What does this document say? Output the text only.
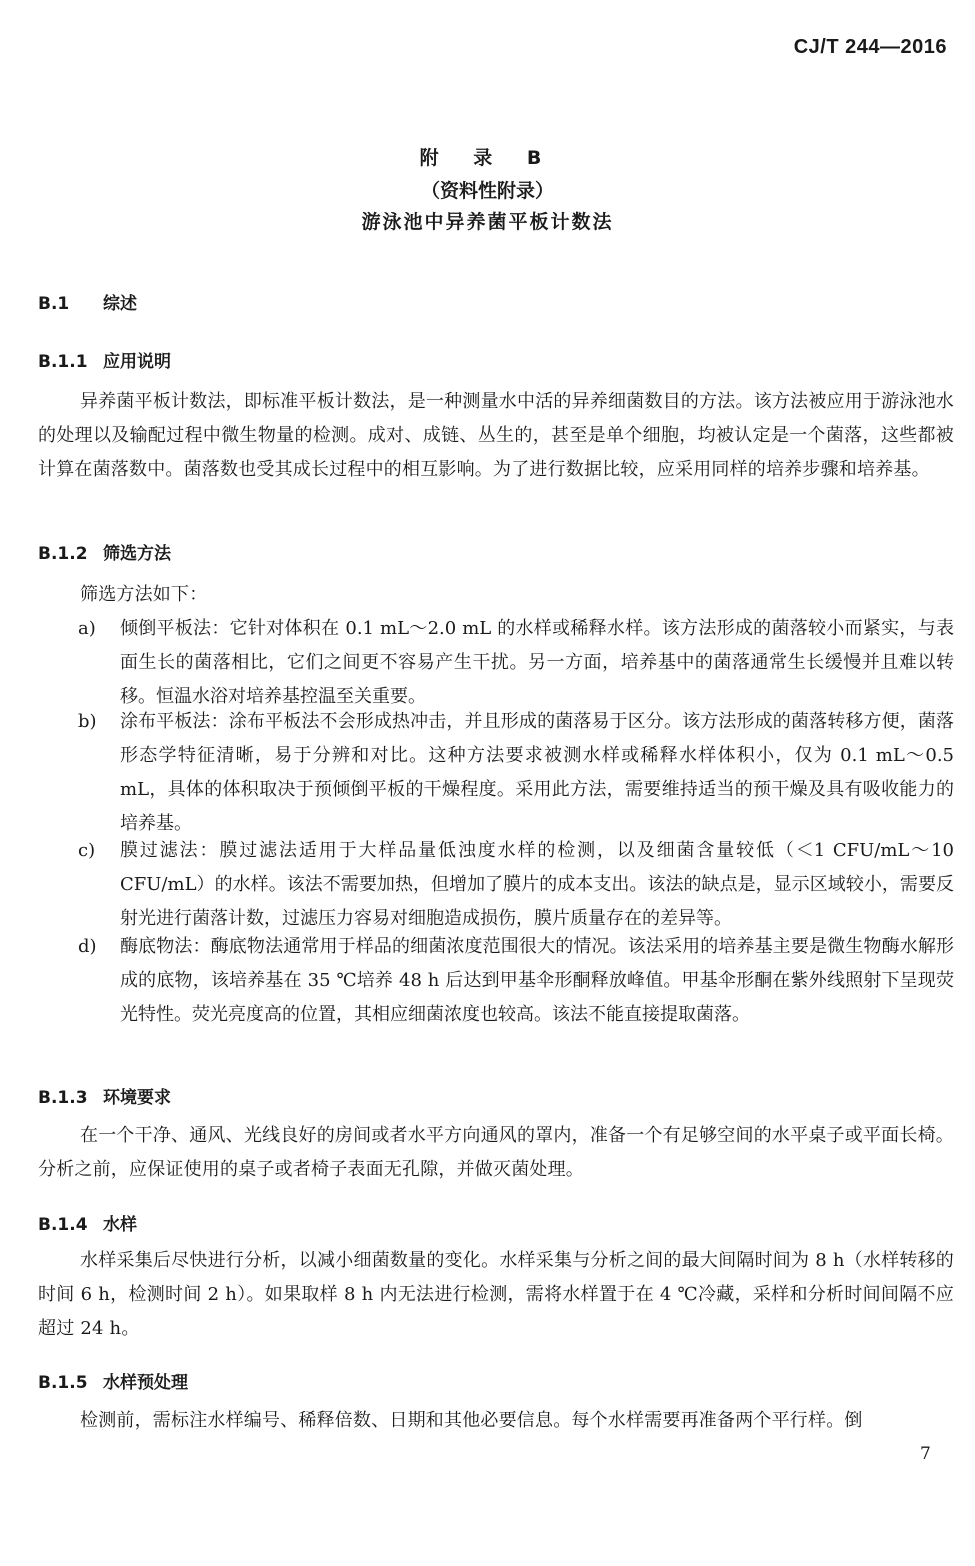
CJ/T 244—2016
附 录 B
（资料性附录）
游泳池中异养菌平板计数法
B.1 综述
B.1.1 应用说明
异养菌平板计数法，即标准平板计数法，是一种测量水中活的异养细菌数目的方法。该方法被应用于游泳池水的处理以及输配过程中微生物量的检测。成对、成链、丛生的，甚至是单个细胞，均被认定是一个菌落，这些都被计算在菌落数中。菌落数也受其成长过程中的相互影响。为了进行数据比较，应采用同样的培养步骤和培养基。
B.1.2 筛选方法
筛选方法如下：
a) 倾倒平板法：它针对体积在 0.1 mL～2.0 mL 的水样或稀释水样。该方法形成的菌落较小而紧实，与表面生长的菌落相比，它们之间更不容易产生干扰。另一方面，培养基中的菌落通常生长缓慢并且难以转移。恒温水浴对培养基控温至关重要。
b) 涂布平板法：涂布平板法不会形成热冲击，并且形成的菌落易于区分。该方法形成的菌落转移方便，菌落形态学特征清晰，易于分辨和对比。这种方法要求被测水样或稀释水样体积小，仅为 0.1 mL～0.5 mL，具体的体积取决于预倾倒平板的干燥程度。采用此方法，需要维持适当的预干燥及具有吸收能力的培养基。
c) 膜过滤法：膜过滤法适用于大样品量低浊度水样的检测，以及细菌含量较低（＜1 CFU/mL～10 CFU/mL）的水样。该法不需要加热，但增加了膜片的成本支出。该法的缺点是，显示区域较小，需要反射光进行菌落计数，过滤压力容易对细胞造成损伤，膜片质量存在的差异等。
d) 酶底物法：酶底物法通常用于样品的细菌浓度范围很大的情况。该法采用的培养基主要是微生物酶水解形成的底物，该培养基在 35 ℃培养 48 h 后达到甲基伞形酮释放峰值。甲基伞形酮在紫外线照射下呈现荧光特性。荧光亮度高的位置，其相应细菌浓度也较高。该法不能直接提取菌落。
B.1.3 环境要求
在一个干净、通风、光线良好的房间或者水平方向通风的罩内，准备一个有足够空间的水平桌子或平面长椅。分析之前，应保证使用的桌子或者椅子表面无孔隙，并做灭菌处理。
B.1.4 水样
水样采集后尽快进行分析，以减小细菌数量的变化。水样采集与分析之间的最大间隔时间为 8 h（水样转移的时间 6 h，检测时间 2 h）。如果取样 8 h 内无法进行检测，需将水样置于在 4 ℃冷藏，采样和分析时间间隔不应超过 24 h。
B.1.5 水样预处理
检测前，需标注水样编号、稀释倍数、日期和其他必要信息。每个水样需要再准备两个平行样。倒
7
